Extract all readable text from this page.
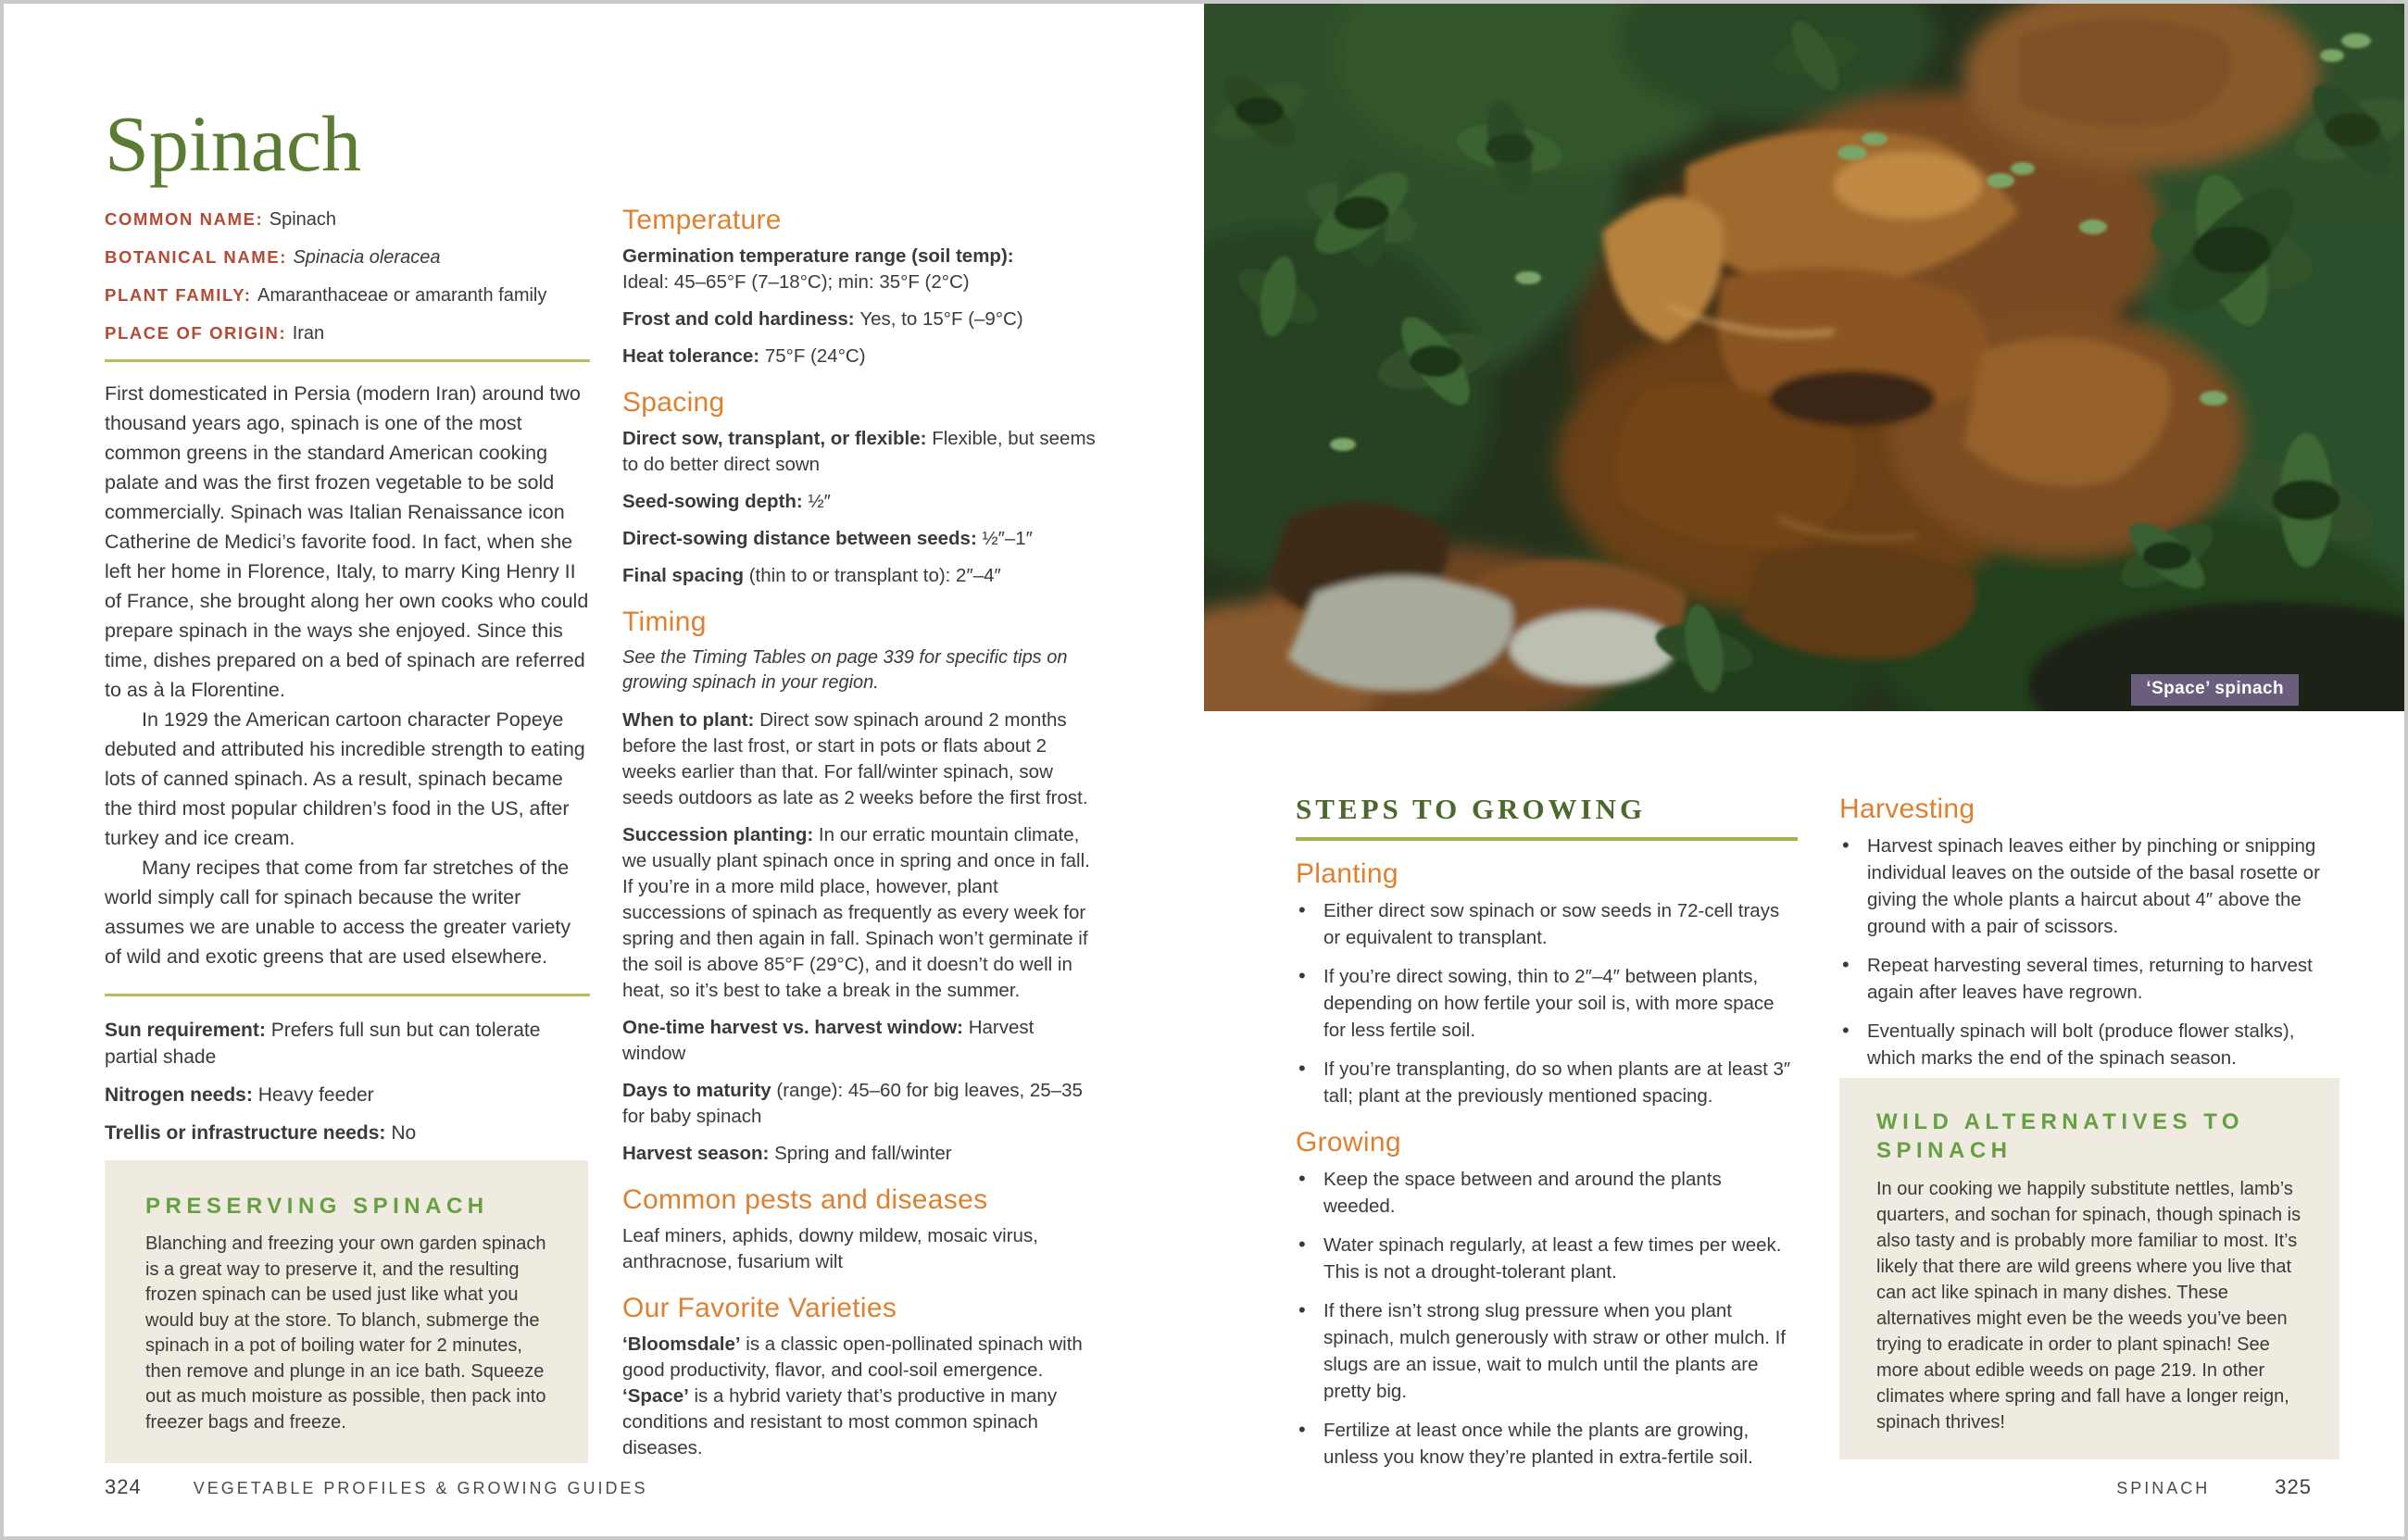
‘Space’ spinach
Spinach

COMMON NAME: Spinach

BOTANICAL NAME: Spinacia oleracea

PLANT FAMILY: Amaranthaceae or amaranth family

PLACE OF ORIGIN: Iran

First domesticated in Persia (modern Iran) around two thousand years ago, spinach is one of the most common greens in the standard American cooking palate and was the first frozen vegetable to be sold commercially. Spinach was Italian Renaissance icon Catherine de Medici’s favorite food. In fact, when she left her home in Florence, Italy, to marry King Henry II of France, she brought along her own cooks who could prepare spinach in the ways she enjoyed. Since this time, dishes prepared on a bed of spinach are referred to as à la Florentine.

In 1929 the American cartoon character Popeye debuted and attributed his incredible strength to eating lots of canned spinach. As a result, spinach became the third most popular children’s food in the US, after turkey and ice cream.

Many recipes that come from far stretches of the world simply call for spinach because the writer assumes we are unable to access the greater variety of wild and exotic greens that are used elsewhere.

Sun requirement: Prefers full sun but can tolerate partial shade

Nitrogen needs: Heavy feeder

Trellis or infrastructure needs: No

PRESERVING SPINACH

Blanching and freezing your own garden spinach is a great way to preserve it, and the resulting frozen spinach can be used just like what you would buy at the store. To blanch, submerge the spinach in a pot of boiling water for 2 minutes, then remove and plunge in an ice bath. Squeeze out as much moisture as possible, then pack into freezer bags and freeze.

Temperature

Germination temperature range (soil temp):
Ideal: 45–65°F (7–18°C); min: 35°F (2°C)

Frost and cold hardiness: Yes, to 15°F (–9°C)

Heat tolerance: 75°F (24°C)

Spacing

Direct sow, transplant, or flexible: Flexible, but seems to do better direct sown

Seed-sowing depth: ½″

Direct-sowing distance between seeds: ½″–1″

Final spacing (thin to or transplant to): 2″–4″

Timing

See the Timing Tables on page 339 for specific tips on growing spinach in your region.

When to plant: Direct sow spinach around 2 months before the last frost, or start in pots or flats about 2 weeks earlier than that. For fall/winter spinach, sow seeds outdoors as late as 2 weeks before the first frost.

Succession planting: In our erratic mountain climate, we usually plant spinach once in spring and once in fall. If you’re in a more mild place, however, plant successions of spinach as frequently as every week for spring and then again in fall. Spinach won’t germinate if the soil is above 85°F (29°C), and it doesn’t do well in heat, so it’s best to take a break in the summer.

One-time harvest vs. harvest window: Harvest window

Days to maturity (range): 45–60 for big leaves, 25–35 for baby spinach

Harvest season: Spring and fall/winter

Common pests and diseases

Leaf miners, aphids, downy mildew, mosaic virus, anthracnose, fusarium wilt

Our Favorite Varieties

‘Bloomsdale’ is a classic open-pollinated spinach with good productivity, flavor, and cool-soil emergence. ‘Space’ is a hybrid variety that’s productive in many conditions and resistant to most common spinach diseases.

STEPS TO GROWING
Planting
• Either direct sow spinach or sow seeds in 72-cell trays or equivalent to transplant.
• If you’re direct sowing, thin to 2″–4″ between plants, depending on how fertile your soil is, with more space for less fertile soil.
• If you’re transplanting, do so when plants are at least 3″ tall; plant at the previously mentioned spacing.
Growing
• Keep the space between and around the plants weeded.
• Water spinach regularly, at least a few times per week. This is not a drought-tolerant plant.
• If there isn’t strong slug pressure when you plant spinach, mulch generously with straw or other mulch. If slugs are an issue, wait to mulch until the plants are pretty big.
• Fertilize at least once while the plants are growing, unless you know they’re planted in extra-fertile soil.
Harvesting
• Harvest spinach leaves either by pinching or snipping individual leaves on the outside of the basal rosette or giving the whole plants a haircut about 4″ above the ground with a pair of scissors.
• Repeat harvesting several times, returning to harvest again after leaves have regrown.
• Eventually spinach will bolt (produce flower stalks), which marks the end of the spinach season.
WILD ALTERNATIVES TO SPINACH

In our cooking we happily substitute nettles, lamb’s quarters, and sochan for spinach, though spinach is also tasty and is probably more familiar to most. It’s likely that there are wild greens where you live that can act like spinach in many dishes. These alternatives might even be the weeds you’ve been trying to eradicate in order to plant spinach! See more about edible weeds on page 219. In other climates where spring and fall have a longer reign, spinach thrives!

324	VEGETABLE PROFILES & GROWING GUIDES	SPINACH	325
